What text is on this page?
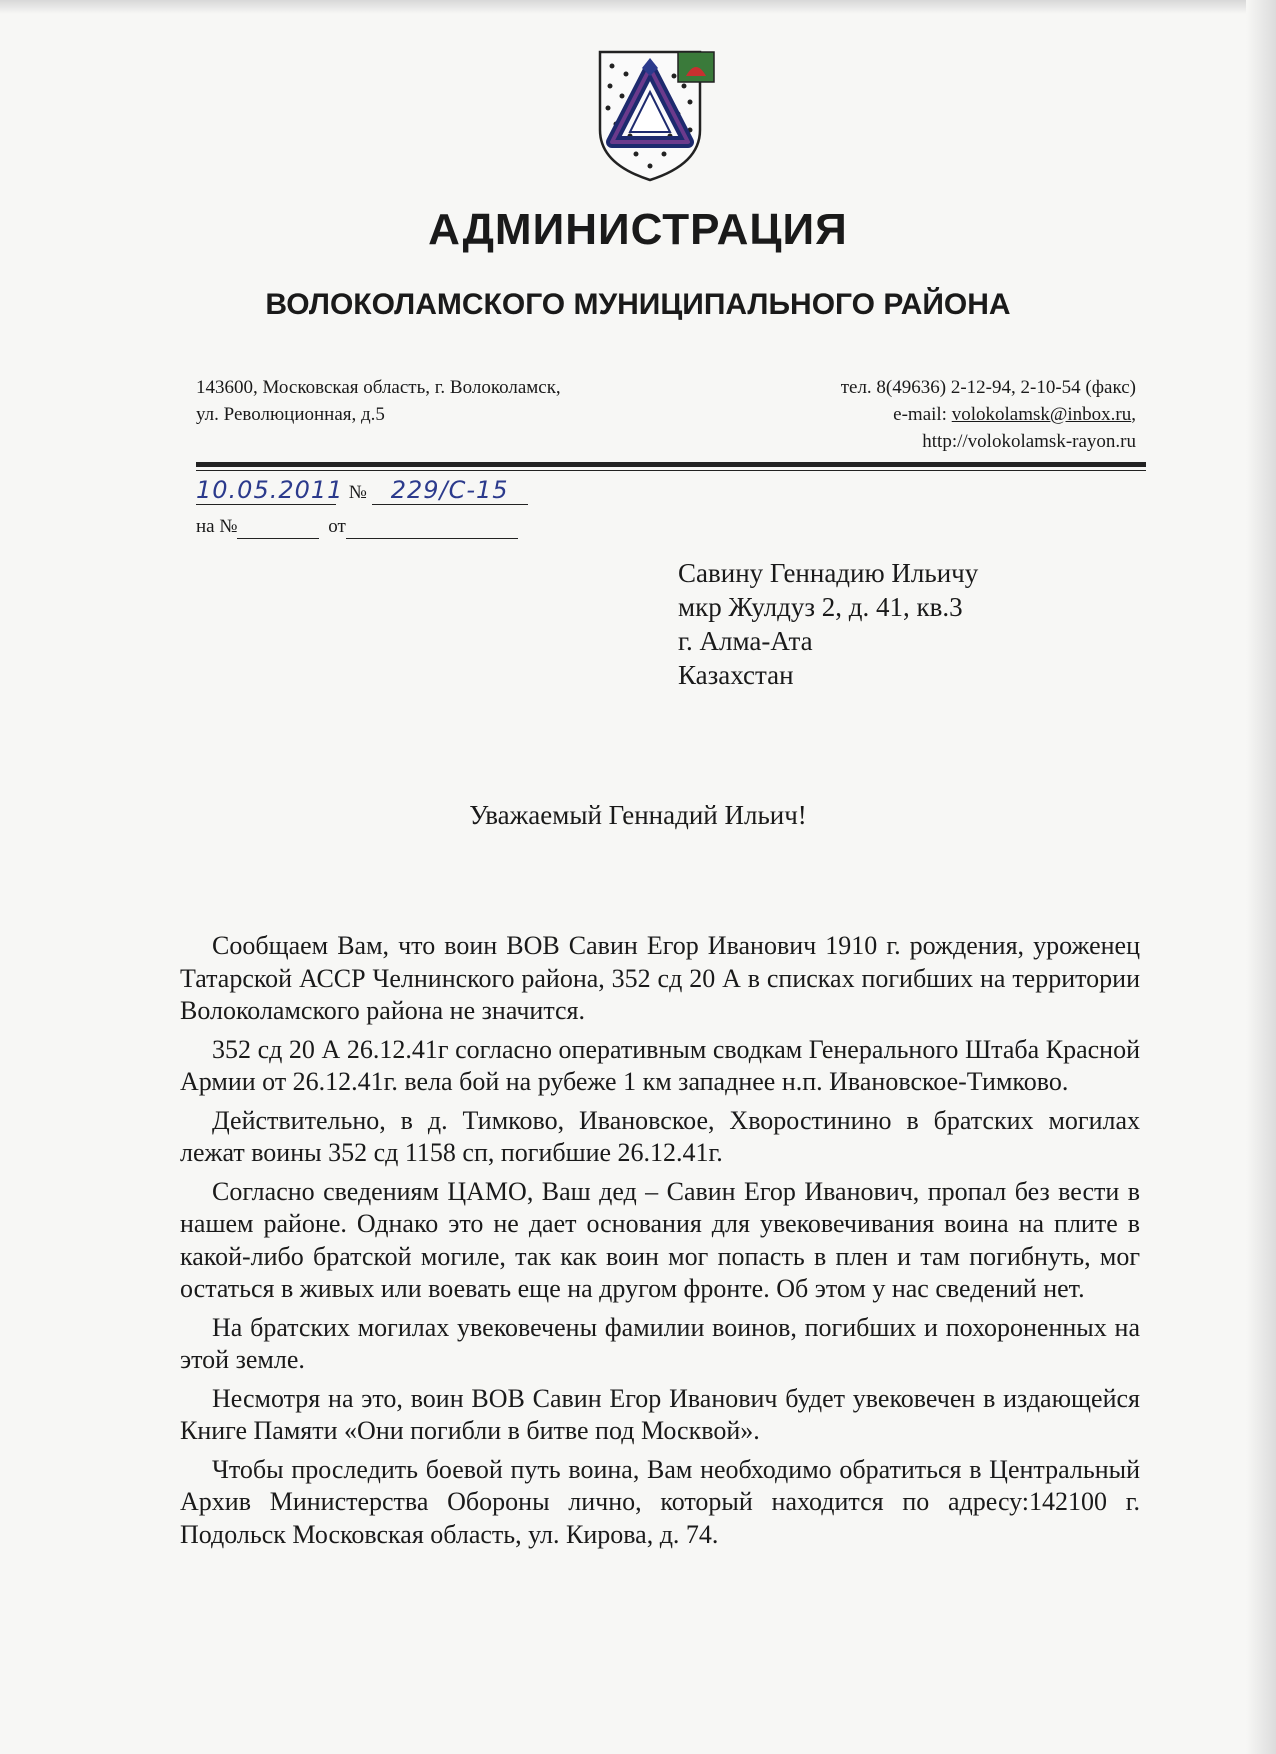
АДМИНИСТРАЦИЯ
ВОЛОКОЛАМСКОГО МУНИЦИПАЛЬНОГО РАЙОНА
143600, Московская область, г. Волоколамск,
ул. Революционная, д.5
тел. 8(49636) 2-12-94, 2-10-54 (факс)
e-mail: volokolamsk@inbox.ru,
http://volokolamsk-rayon.ru
10.05.2011 № 229/С-15
на №	от
Савину Геннадию Ильичу
мкр Жулдуз 2, д. 41, кв.3
г. Алма-Ата
Казахстан
Уважаемый Геннадий Ильич!

Сообщаем Вам, что воин ВОВ Савин Егор Иванович 1910 г. рождения, уроженец Татарской АССР Челнинского района, 352 сд 20 А в списках погибших на территории Волоколамского района не значится.

352 сд 20 А 26.12.41г согласно оперативным сводкам Генерального Штаба Красной Армии от 26.12.41г. вела бой на рубеже 1 км западнее н.п. Ивановское-Тимково.

Действительно, в д. Тимково, Ивановское, Хворостинино в братских могилах лежат воины 352 сд 1158 сп, погибшие 26.12.41г.

Согласно сведениям ЦАМО, Ваш дед – Савин Егор Иванович, пропал без вести в нашем районе. Однако это не дает основания для увековечивания воина на плите в какой-либо братской могиле, так как воин мог попасть в плен и там погибнуть, мог остаться в живых или воевать еще на другом фронте. Об этом у нас сведений нет.

На братских могилах увековечены фамилии воинов, погибших и похороненных на этой земле.

Несмотря на это, воин ВОВ Савин Егор Иванович будет увековечен в издающейся Книге Памяти «Они погибли в битве под Москвой».

Чтобы проследить боевой путь воина, Вам необходимо обратиться в Центральный Архив Министерства Обороны лично, который находится по адресу:142100 г. Подольск Московская область, ул. Кирова, д. 74.
